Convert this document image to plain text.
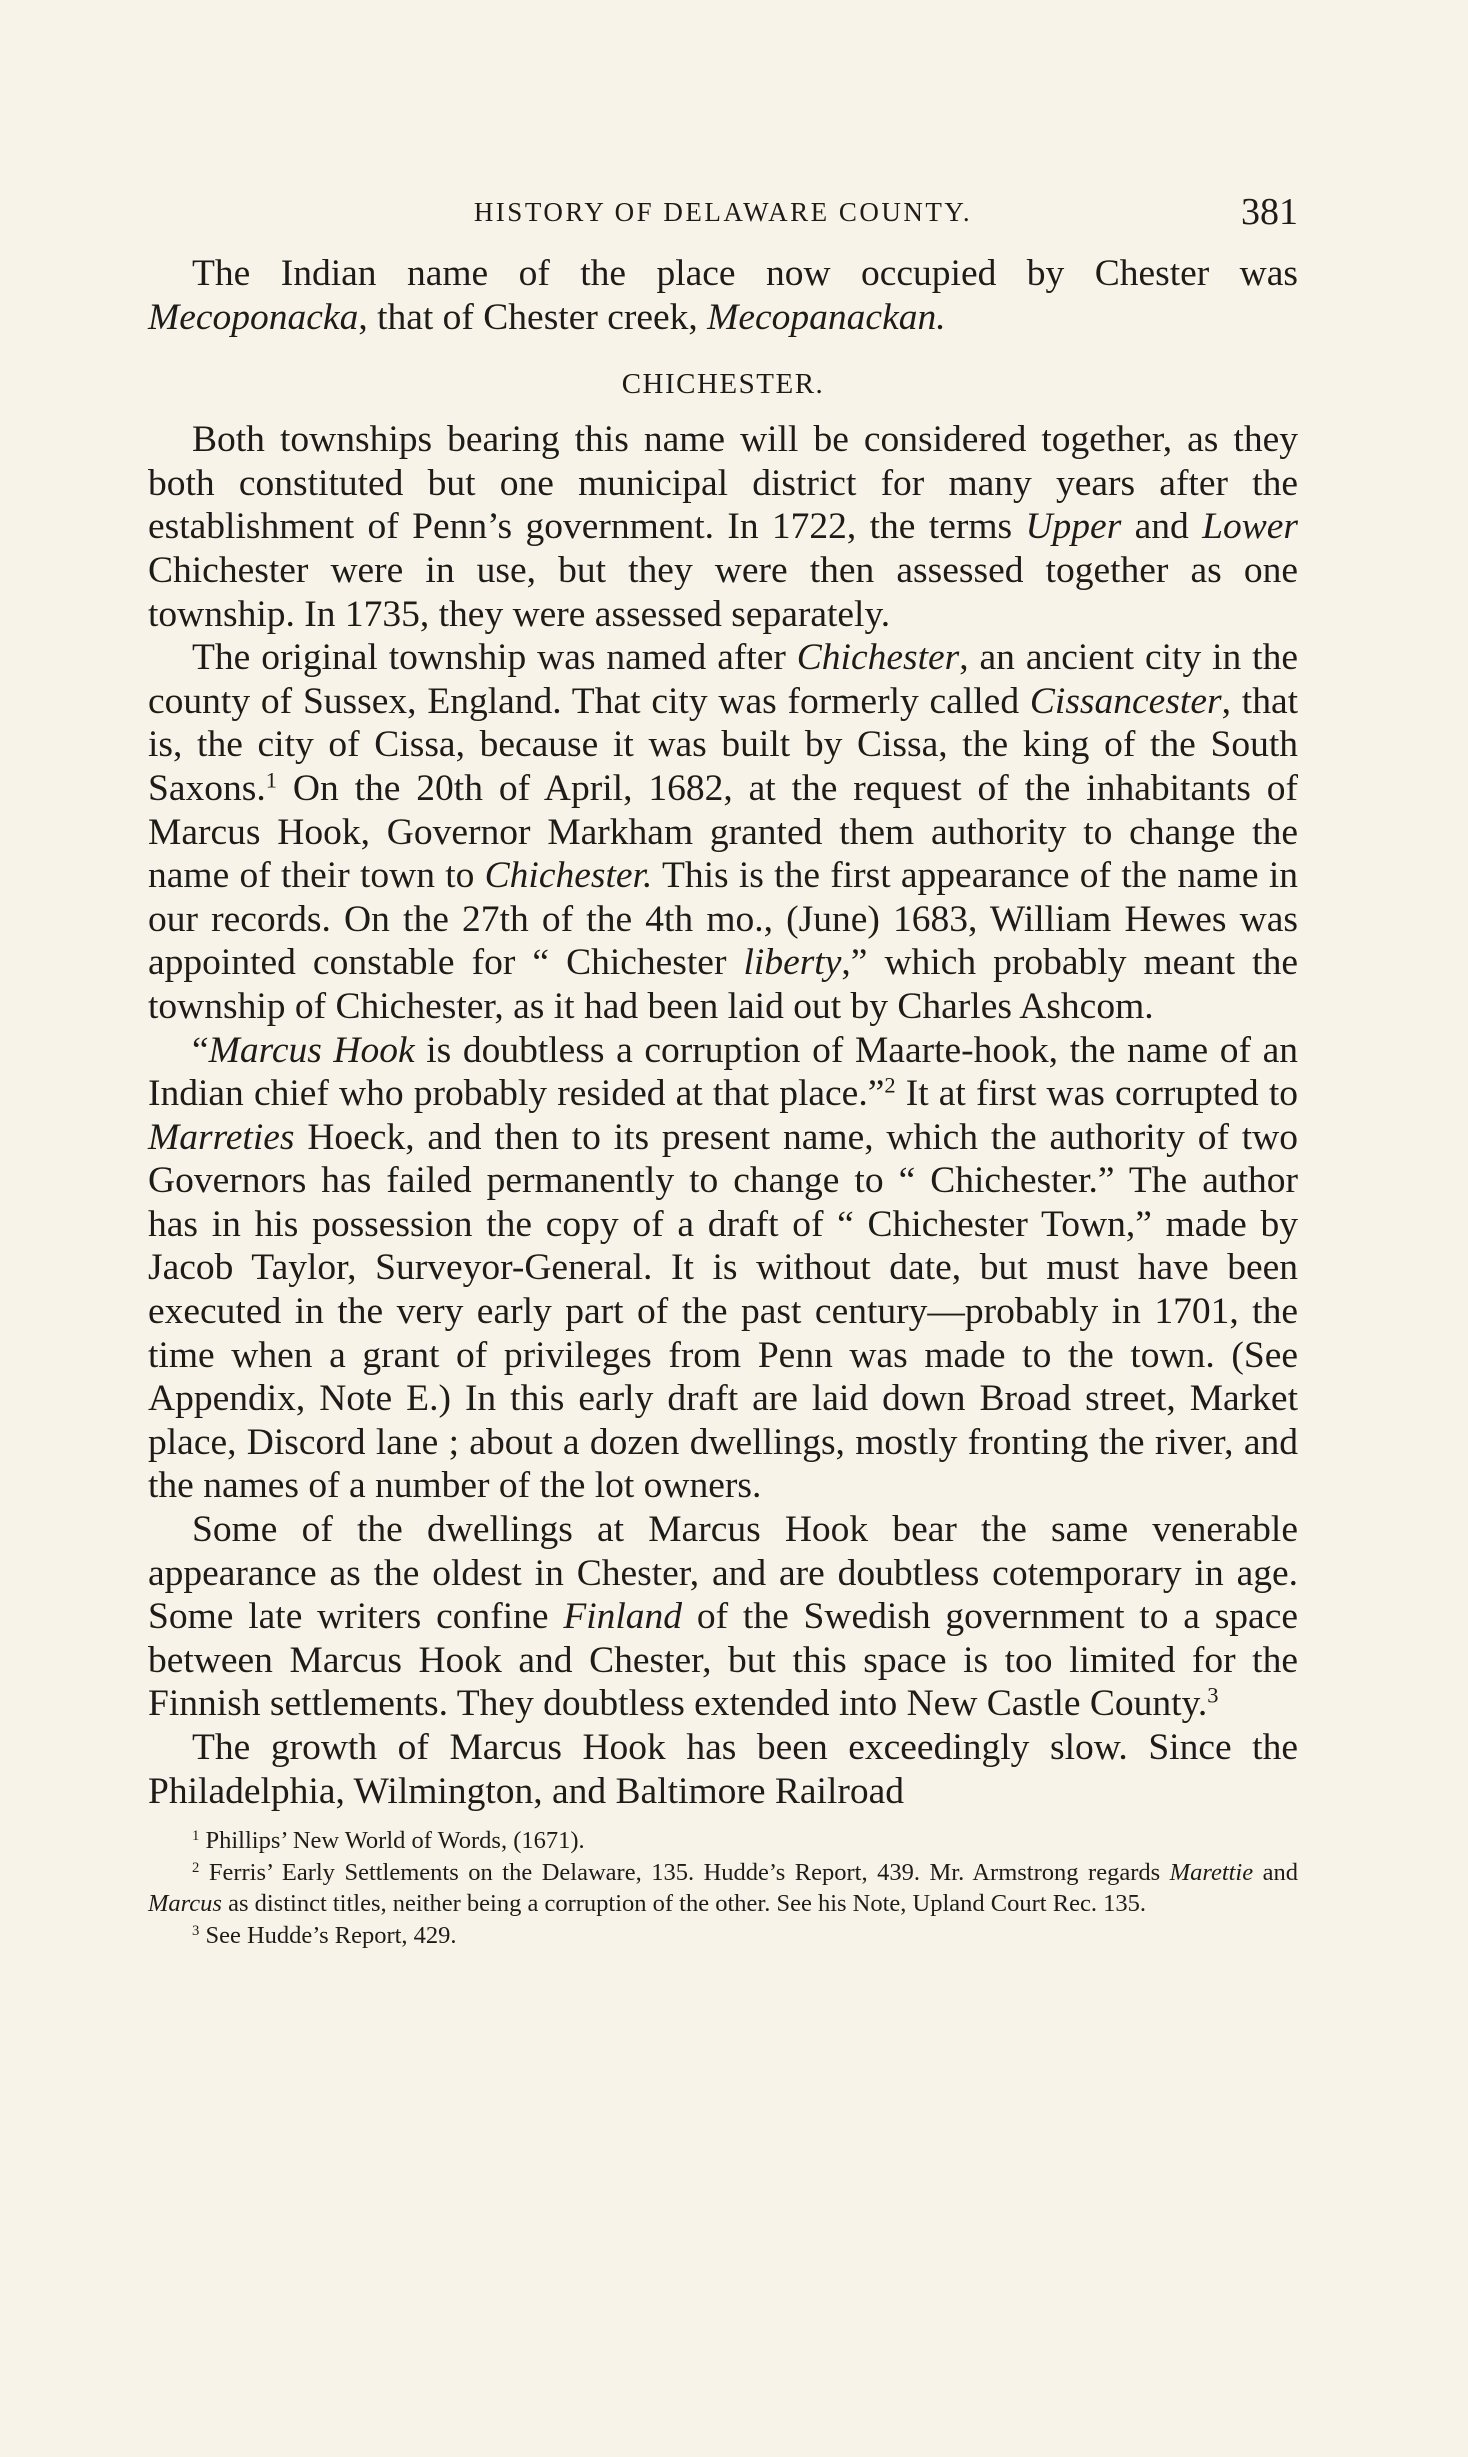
HISTORY OF DELAWARE COUNTY.	381

The Indian name of the place now occupied by Chester was Mecoponacka, that of Chester creek, Mecopanackan.

CHICHESTER.

Both townships bearing this name will be considered together, as they both constituted but one municipal district for many years after the establishment of Penn’s government. In 1722, the terms Upper and Lower Chichester were in use, but they were then assessed together as one township. In 1735, they were assessed separately.

The original township was named after Chichester, an ancient city in the county of Sussex, England. That city was formerly called Cissancester, that is, the city of Cissa, because it was built by Cissa, the king of the South Saxons.$^1$ On the 20th of April, 1682, at the request of the inhabitants of Marcus Hook, Governor Markham granted them authority to change the name of their town to Chichester. This is the first appearance of the name in our records. On the 27th of the 4th mo., (June) 1683, William Hewes was appointed constable for “ Chichester liberty,” which probably meant the township of Chichester, as it had been laid out by Charles Ashcom.

“Marcus Hook is doubtless a corruption of Maarte-hook, the name of an Indian chief who probably resided at that place.”$^2$ It at first was corrupted to Marreties Hoeck, and then to its present name, which the authority of two Governors has failed permanently to change to “ Chichester.” The author has in his possession the copy of a draft of “ Chichester Town,” made by Jacob Taylor, Surveyor-General. It is without date, but must have been executed in the very early part of the past century—probably in 1701, the time when a grant of privileges from Penn was made to the town. (See Appendix, Note E.) In this early draft are laid down Broad street, Market place, Discord lane ; about a dozen dwellings, mostly fronting the river, and the names of a number of the lot owners.

Some of the dwellings at Marcus Hook bear the same venerable appearance as the oldest in Chester, and are doubtless cotemporary in age. Some late writers confine Finland of the Swedish government to a space between Marcus Hook and Chester, but this space is too limited for the Finnish settlements. They doubtless extended into New Castle County.$^3$

The growth of Marcus Hook has been exceedingly slow. Since the Philadelphia, Wilmington, and Baltimore Railroad

$^1$ Phillips’ New World of Words, (1671).

$^2$ Ferris’ Early Settlements on the Delaware, 135. Hudde’s Report, 439. Mr. Armstrong regards Marettie and Marcus as distinct titles, neither being a corruption of the other. See his Note, Upland Court Rec. 135.

$^3$ See Hudde’s Report, 429.
